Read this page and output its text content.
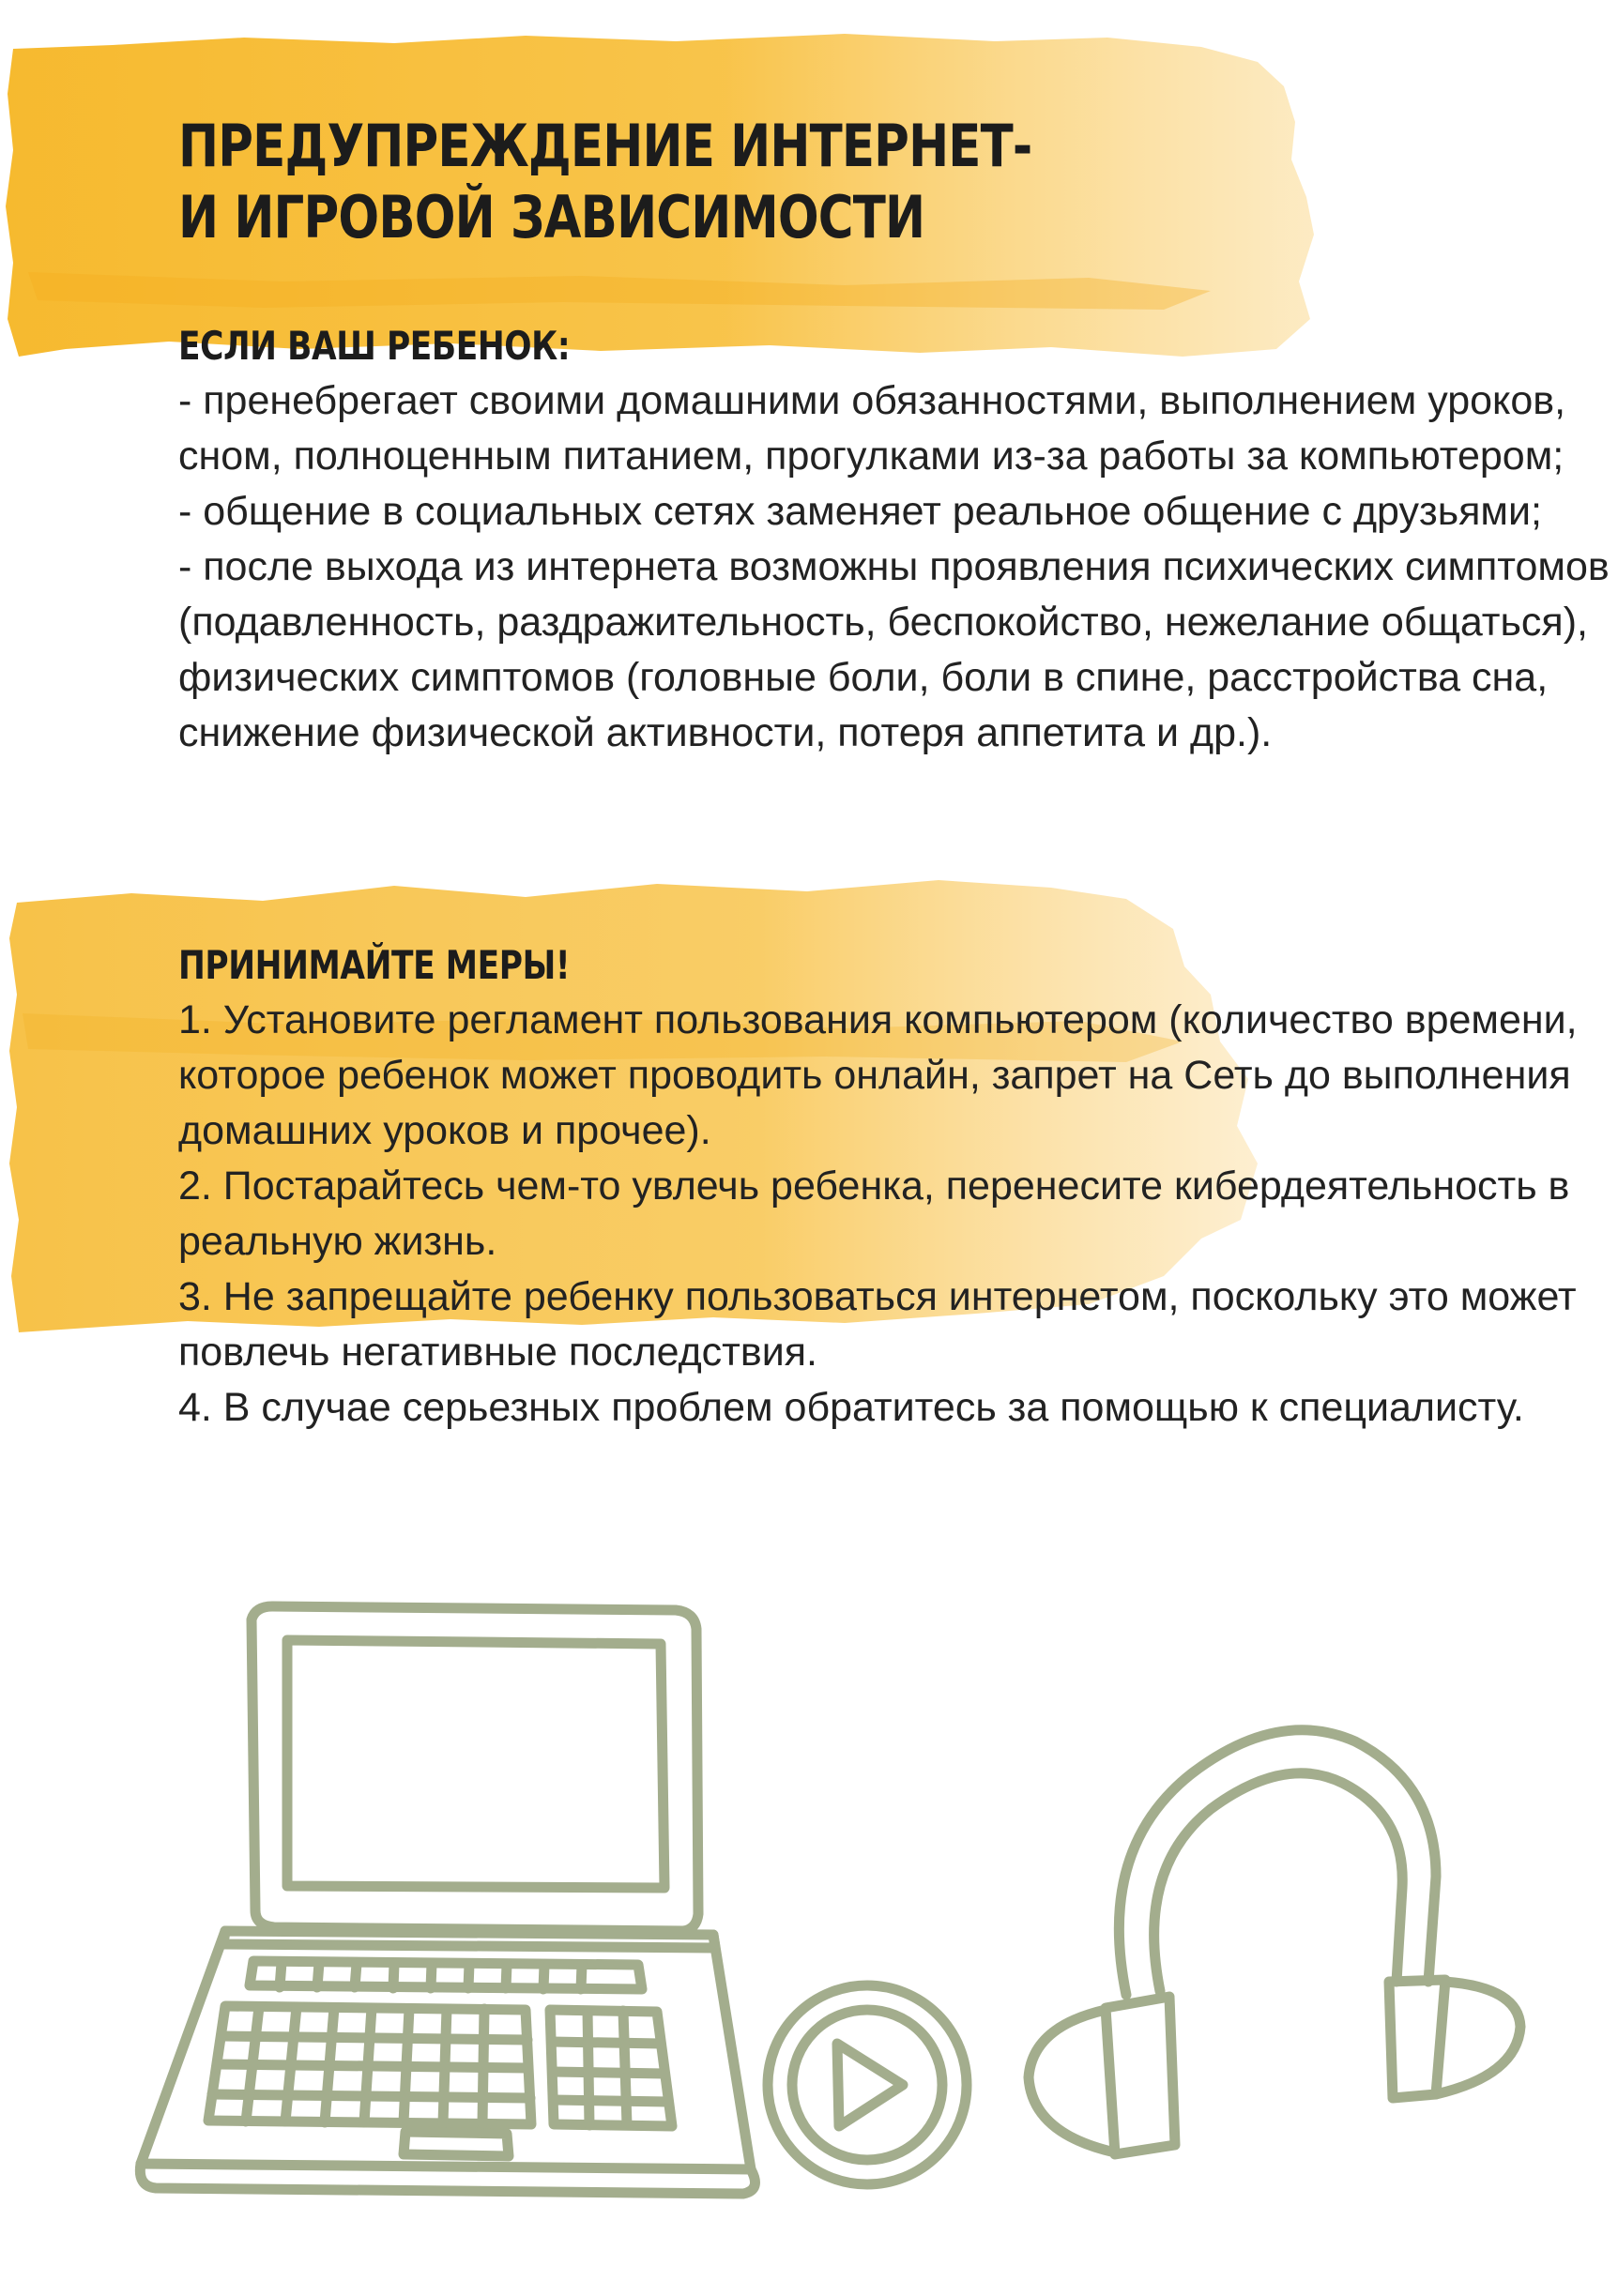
ПРЕДУПРЕЖДЕНИЕ ИНТЕРНЕТ-
И ИГРОВОЙ ЗАВИСИМОСТИ
ЕСЛИ ВАШ РЕБЕНОК:
- пренебрегает своими домашними обязанностями, выполнением уроков,
сном, полноценным питанием, прогулками из-за работы за компьютером;
- общение в социальных сетях заменяет реальное общение с друзьями;
- после выхода из интернета возможны проявления психических симптомов
(подавленность, раздражительность, беспокойство, нежелание общаться),
физических симптомов (головные боли, боли в спине, расстройства сна,
снижение физической активности, потеря аппетита и др.).
ПРИНИМАЙТЕ МЕРЫ!
1. Установите регламент пользования компьютером (количество времени,
которое ребенок может проводить онлайн, запрет на Сеть до выполнения
домашних уроков и прочее).
2. Постарайтесь чем-то увлечь ребенка, перенесите кибердеятельность в
реальную жизнь.
3. Не запрещайте ребенку пользоваться интернетом, поскольку это может
повлечь негативные последствия.
4. В случае серьезных проблем обратитесь за помощью к специалисту.
